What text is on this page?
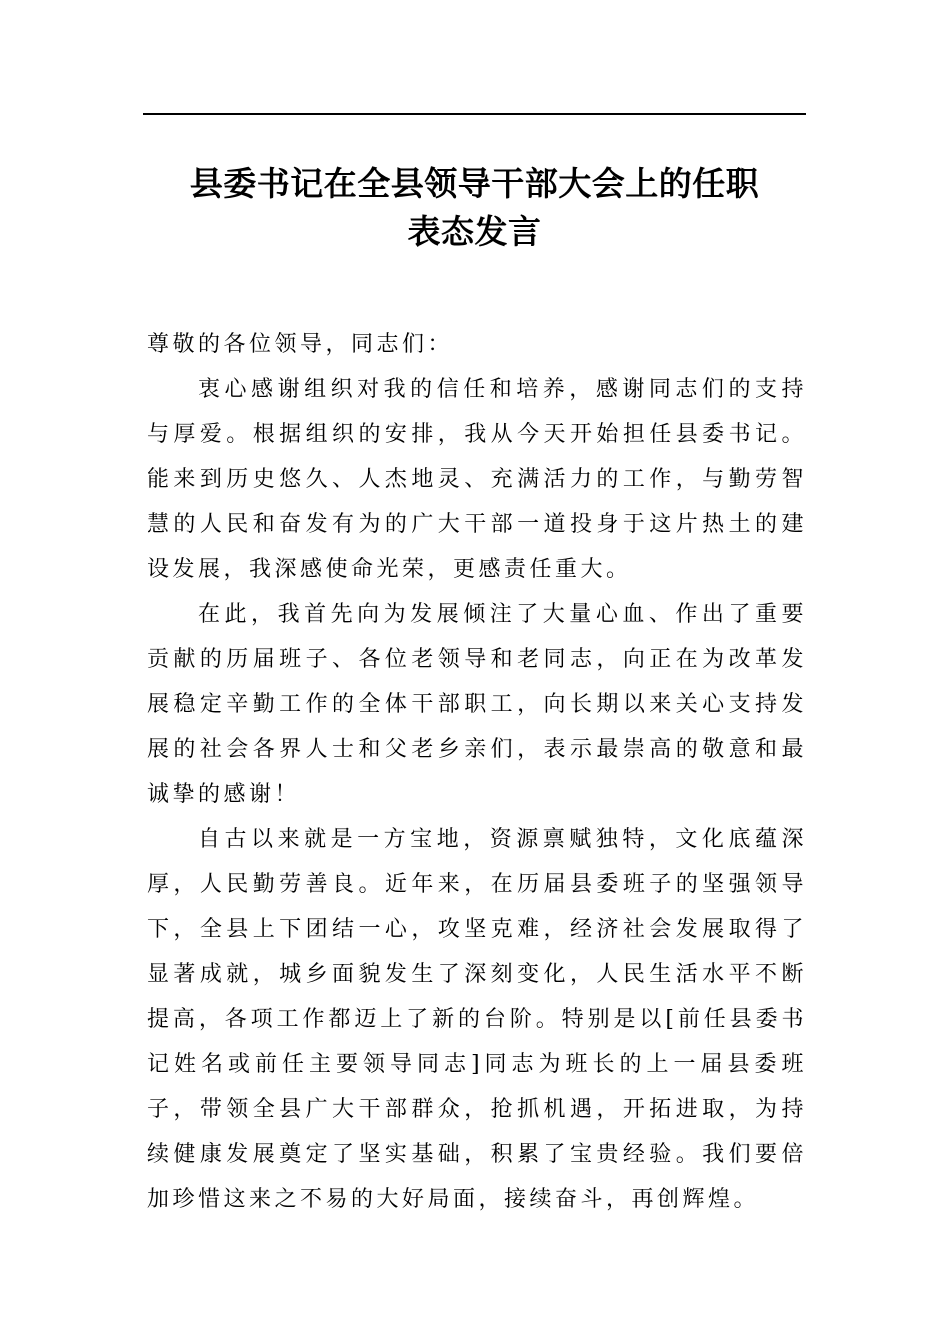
县委书记在全县领导干部大会上的任职
表态发言

尊敬的各位领导，同志们：

衷心感谢组织对我的信任和培养，感谢同志们的支持与厚爱。根据组织的安排，我从今天开始担任县委书记。能来到历史悠久、人杰地灵、充满活力的工作，与勤劳智慧的人民和奋发有为的广大干部一道投身于这片热土的建设发展，我深感使命光荣，更感责任重大。

在此，我首先向为发展倾注了大量心血、作出了重要贡献的历届班子、各位老领导和老同志，向正在为改革发展稳定辛勤工作的全体干部职工，向长期以来关心支持发展的社会各界人士和父老乡亲们，表示最崇高的敬意和最诚挚的感谢！

自古以来就是一方宝地，资源禀赋独特，文化底蕴深厚，人民勤劳善良。近年来，在历届县委班子的坚强领导下，全县上下团结一心，攻坚克难，经济社会发展取得了显著成就，城乡面貌发生了深刻变化，人民生活水平不断提高，各项工作都迈上了新的台阶。特别是以[前任县委书记姓名或前任主要领导同志]同志为班长的上一届县委班子，带领全县广大干部群众，抢抓机遇，开拓进取，为持续健康发展奠定了坚实基础，积累了宝贵经验。我们要倍加珍惜这来之不易的大好局面，接续奋斗，再创辉煌。
